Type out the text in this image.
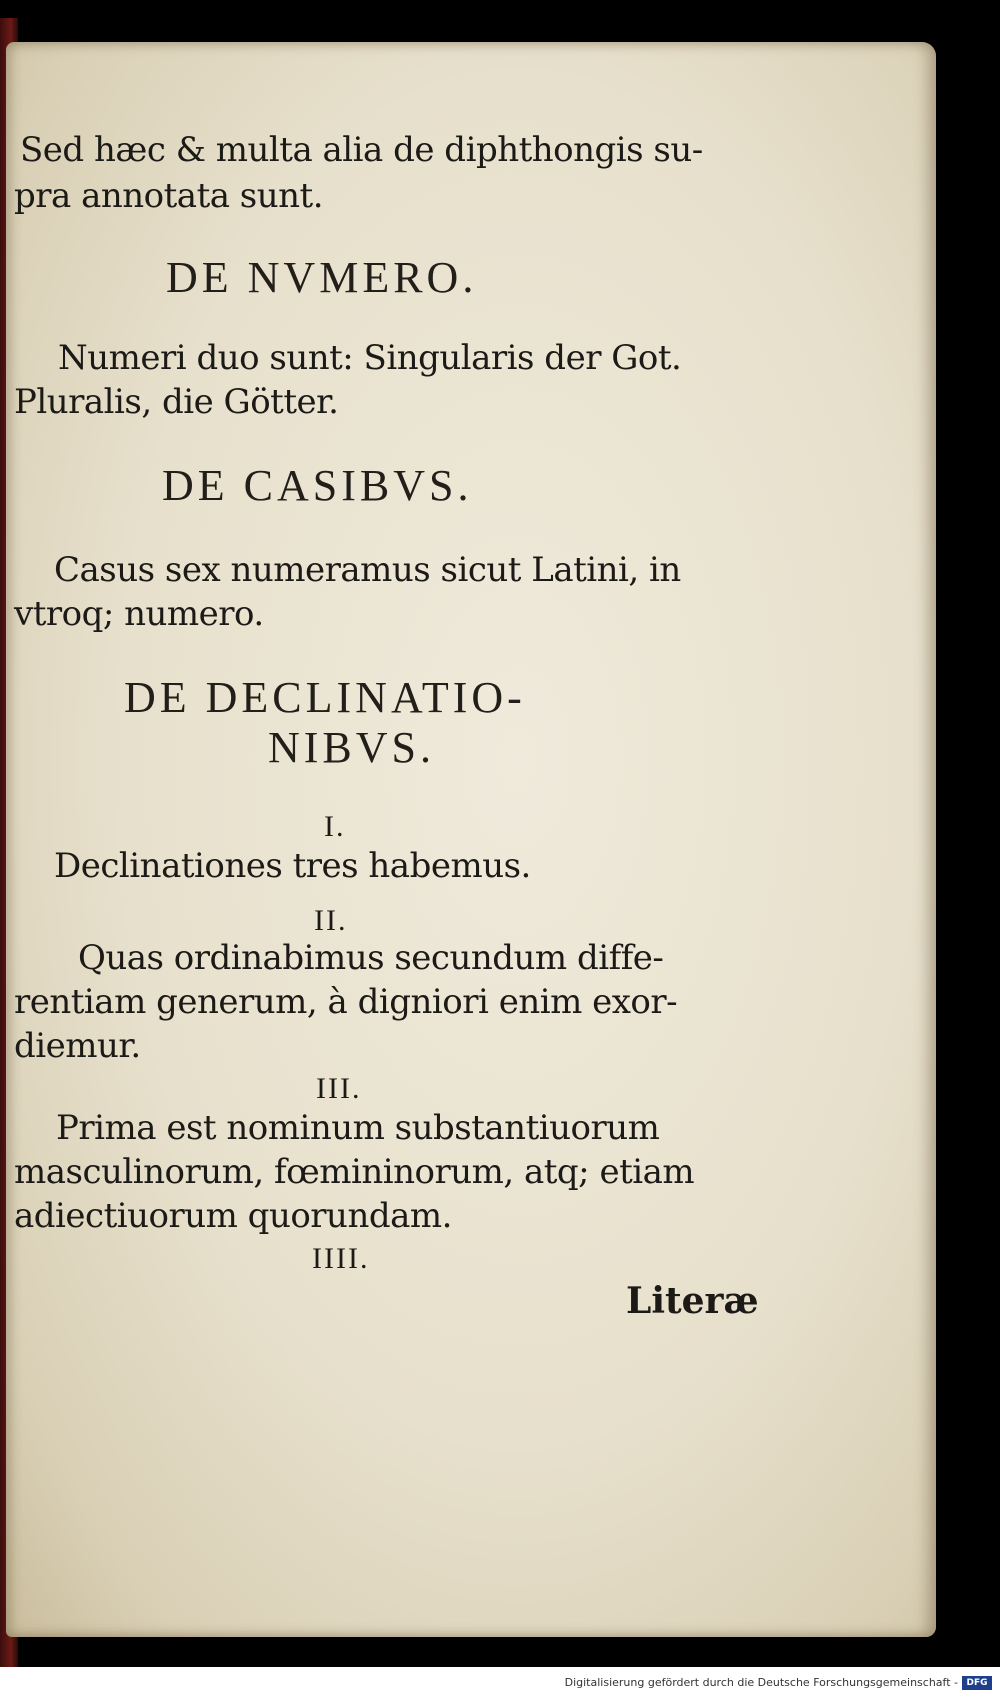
Sed hæc & multa alia de diphthongis su-
pra annotata sunt.
DE NVMERO.
Numeri duo sunt: Singularis der Got.
Pluralis, die Götter.
DE CASIBVS.
Casus sex numeramus sicut Latini, in
vtroq; numero.
DE DECLINATIO-
NIBVS.
I.
Declinationes tres habemus.
II.
Quas ordinabimus secundum diffe-
rentiam generum, à digniori enim exor-
diemur.
III.
Prima est nominum substantiuorum
masculinorum, fœmininorum, atq; etiam
adiectiuorum quorundam.
IIII.
Literæ
Digitalisierung gefördert durch die Deutsche Forschungsgemeinschaft - DFG
